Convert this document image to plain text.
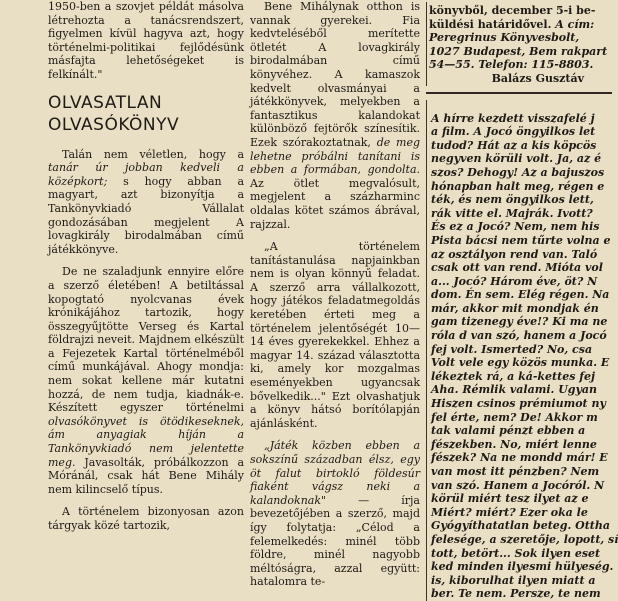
1950-ben a szovjet példát másolva létrehozta a tanácsrendszert, figyelmen kívül hagyva azt, hogy történelmi-politikai fejlődésünk másfajta lehetőségeket is felkínált."

OLVASATLAN
OLVASÓKÖNYV

Talán nem véletlen, hogy a tanár úr jobban kedveli a középkort; s hogy abban a magyart, azt bizonyítja a Tankönyvkiadó Vállalat gondozásában megjelent A lovagkirály birodalmában című játékkönyve.

De ne szaladjunk ennyire előre a szerző életében! A betiltással kopogtató nyolcvanas évek krónikájához tartozik, hogy összegyűjtötte Verseg és Kartal földrajzi neveit. Majdnem elkészült a Fejezetek Kartal történelméből című munkájával. Ahogy mondja: nem sokat kellene már kutatni hozzá, de nem tudja, kiadnák-e. Készített egyszer történelmi olvasókönyvet is ötödikeseknek, ám anyagiak híján a Tankönyvkiadó nem jelentette meg. Javasolták, próbálkozzon a Móránál, csak hát Bene Mihály nem kilincselő típus.

A történelem bizonyosan azon tárgyak közé tartozik,

Bene Mihálynak otthon is vannak gyerekei. Fia kedvteléséből merítette ötletét A lovagkirály birodalmában című könyvéhez. A kamaszok kedvelt olvasmányai a játékkönyvek, melyekben a fantasztikus kalandokat különböző fejtörők színesítik. Ezek szórakoztatnak, de meg lehetne próbálni tanítani is ebben a formában, gondolta. Az ötlet megvalósult, megjelent a százharminc oldalas kötet számos ábrával, rajzzal.

„A történelem tanítástanulása napjainkban nem is olyan könnyű feladat. A szerző arra vállalkozott, hogy játékos feladatmegoldás keretében érteti meg a történelem jelentőségét 10—14 éves gyerekekkel. Ehhez a magyar 14. század választotta ki, amely kor mozgalmas eseményekben ugyancsak bővelkedik..." Ezt olvashatjuk a könyv hátsó borítólapján ajánlásként.

„Játék közben ebben a sokszínű században élsz, egy öt falut birtokló földesúr fiaként vágsz neki a kalandoknak" — írja bevezetőjében a szerző, majd így folytatja: „Célod a felemelkedés: minél több földre, minél nagyobb méltóságra, azzal együtt: hatalomra te-

könyvből, december 5-i be-

küldési határidővel. A cím:

Peregrinus Könyvesbolt,

1027 Budapest, Bem rakpart

54—55. Telefon: 115-8803.

Balázs Gusztáv

A hírre kezdett visszafelé j

a film. A Jocó öngyilkos let

tudod? Hát az a kis köpcös

negyven körüli volt. Ja, az é

szos? Dehogy! Az a bajuszos

hónapban halt meg, régen e

ték, és nem öngyilkos lett,

rák vitte el. Majrák. Ivott?

És ez a Jocó? Nem, nem his

Pista bácsi nem tűrte volna e

az osztályon rend van. Taló

csak ott van rend. Mióta vol

a... Jocó? Három éve, öt? N

dom. Én sem. Elég régen. Na

már, akkor mit mondjak én

gam tizenegy éve!? Ki ma ne

róla d van szó, hanem a Jocó

fej volt. Ismerted? No, csa

Volt vele egy közös munka. E

lékeztek rá, a ká-kettes fej

Aha. Rémlik valami. Ugyan

Hiszen csinos prémiumot ny

fel érte, nem? De! Akkor m

tak valami pénzt ebben a

fészekben. No, miért lenne

fészek? Na ne mondd már! E

van most itt pénzben? Nem

van szó. Hanem a Jocóról. N

körül miért tesz ilyet az e

Miért? miért? Ezer oka le

Gyógyíthatatlan beteg. Ottha

felesége, a szeretője, lopott, sí

tott, betört... Sok ilyen eset

ked minden ilyesmi hülyeség.

is, kiborulhat ilyen miatt a

ber. Te nem. Persze, te nem
